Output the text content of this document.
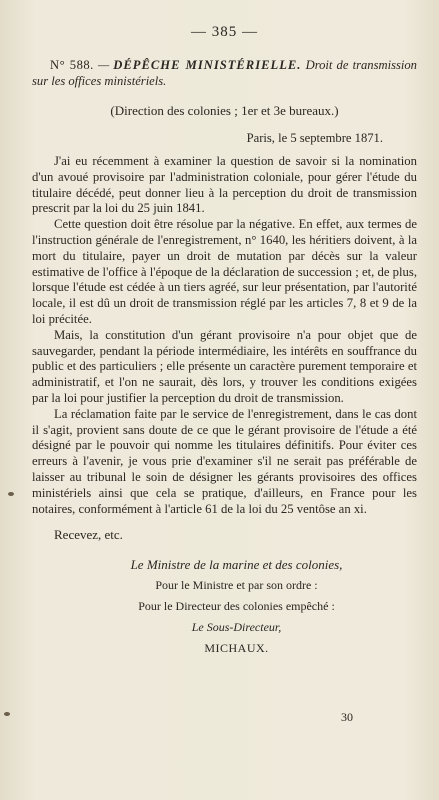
— 385 —
N° 588. — DÉPÊCHE MINISTÉRIELLE. Droit de transmission sur les offices ministériels.
(Direction des colonies ; 1er et 3e bureaux.)
Paris, le 5 septembre 1871.

J'ai eu récemment à examiner la question de savoir si la nomination d'un avoué provisoire par l'administration coloniale, pour gérer l'étude du titulaire décédé, peut donner lieu à la perception du droit de transmission prescrit par la loi du 25 juin 1841.

Cette question doit être résolue par la négative. En effet, aux termes de l'instruction générale de l'enregistrement, n° 1640, les héritiers doivent, à la mort du titulaire, payer un droit de mutation par décès sur la valeur estimative de l'office à l'époque de la déclaration de succession ; et, de plus, lorsque l'étude est cédée à un tiers agréé, sur leur présentation, par l'autorité locale, il est dû un droit de transmission réglé par les articles 7, 8 et 9 de la loi précitée.

Mais, la constitution d'un gérant provisoire n'a pour objet que de sauvegarder, pendant la période intermédiaire, les intérêts en souffrance du public et des particuliers ; elle présente un caractère purement temporaire et administratif, et l'on ne saurait, dès lors, y trouver les conditions exigées par la loi pour justifier la perception du droit de transmission.

La réclamation faite par le service de l'enregistrement, dans le cas dont il s'agit, provient sans doute de ce que le gérant provisoire de l'étude a été désigné par le pouvoir qui nomme les titulaires définitifs. Pour éviter ces erreurs à l'avenir, je vous prie d'examiner s'il ne serait pas préférable de laisser au tribunal le soin de désigner les gérants provisoires des offices ministériels ainsi que cela se pratique, d'ailleurs, en France pour les notaires, conformément à l'article 61 de la loi du 25 ventôse an xi.

Recevez, etc.
Le Ministre de la marine et des colonies,
Pour le Ministre et par son ordre :
Pour le Directeur des colonies empêché :
Le Sous-Directeur,
MICHAUX.
30
